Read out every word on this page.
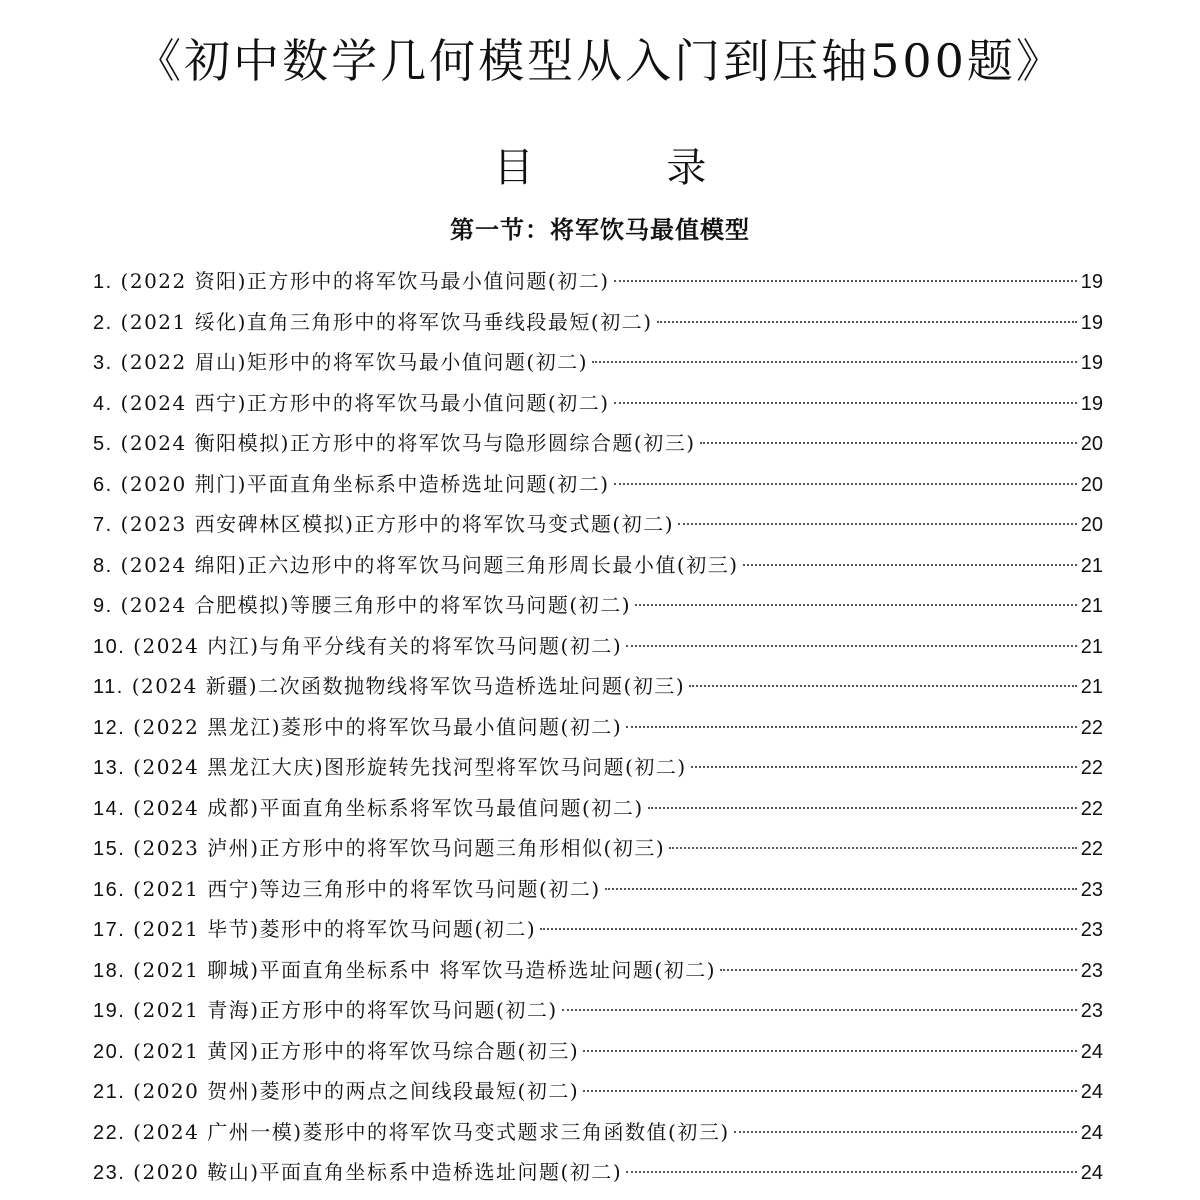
《初中数学几何模型从入门到压轴500题》
目 录
第一节：将军饮马最值模型
1. (2022 资阳)正方形中的将军饮马最小值问题(初二)	19
2. (2021 绥化)直角三角形中的将军饮马垂线段最短(初二)	19
3. (2022 眉山)矩形中的将军饮马最小值问题(初二)	19
4. (2024 西宁)正方形中的将军饮马最小值问题(初二)	19
5. (2024 衡阳模拟)正方形中的将军饮马与隐形圆综合题(初三)	20
6. (2020 荆门)平面直角坐标系中造桥选址问题(初二)	20
7. (2023 西安碑林区模拟)正方形中的将军饮马变式题(初二)	20
8. (2024 绵阳)正六边形中的将军饮马问题三角形周长最小值(初三)	21
9. (2024 合肥模拟)等腰三角形中的将军饮马问题(初二)	21
10. (2024 内江)与角平分线有关的将军饮马问题(初二)	21
11. (2024 新疆)二次函数抛物线将军饮马造桥选址问题(初三)	21
12. (2022 黑龙江)菱形中的将军饮马最小值问题(初二)	22
13. (2024 黑龙江大庆)图形旋转先找河型将军饮马问题(初二)	22
14. (2024 成都)平面直角坐标系将军饮马最值问题(初二)	22
15. (2023 泸州)正方形中的将军饮马问题三角形相似(初三)	22
16. (2021 西宁)等边三角形中的将军饮马问题(初二)	23
17. (2021 毕节)菱形中的将军饮马问题(初二)	23
18. (2021 聊城)平面直角坐标系中 将军饮马造桥选址问题(初二)	23
19. (2021 青海)正方形中的将军饮马问题(初二)	23
20. (2021 黄冈)正方形中的将军饮马综合题(初三)	24
21. (2020 贺州)菱形中的两点之间线段最短(初二)	24
22. (2024 广州一模)菱形中的将军饮马变式题求三角函数值(初三)	24
23. (2020 鞍山)平面直角坐标系中造桥选址问题(初二)	24
